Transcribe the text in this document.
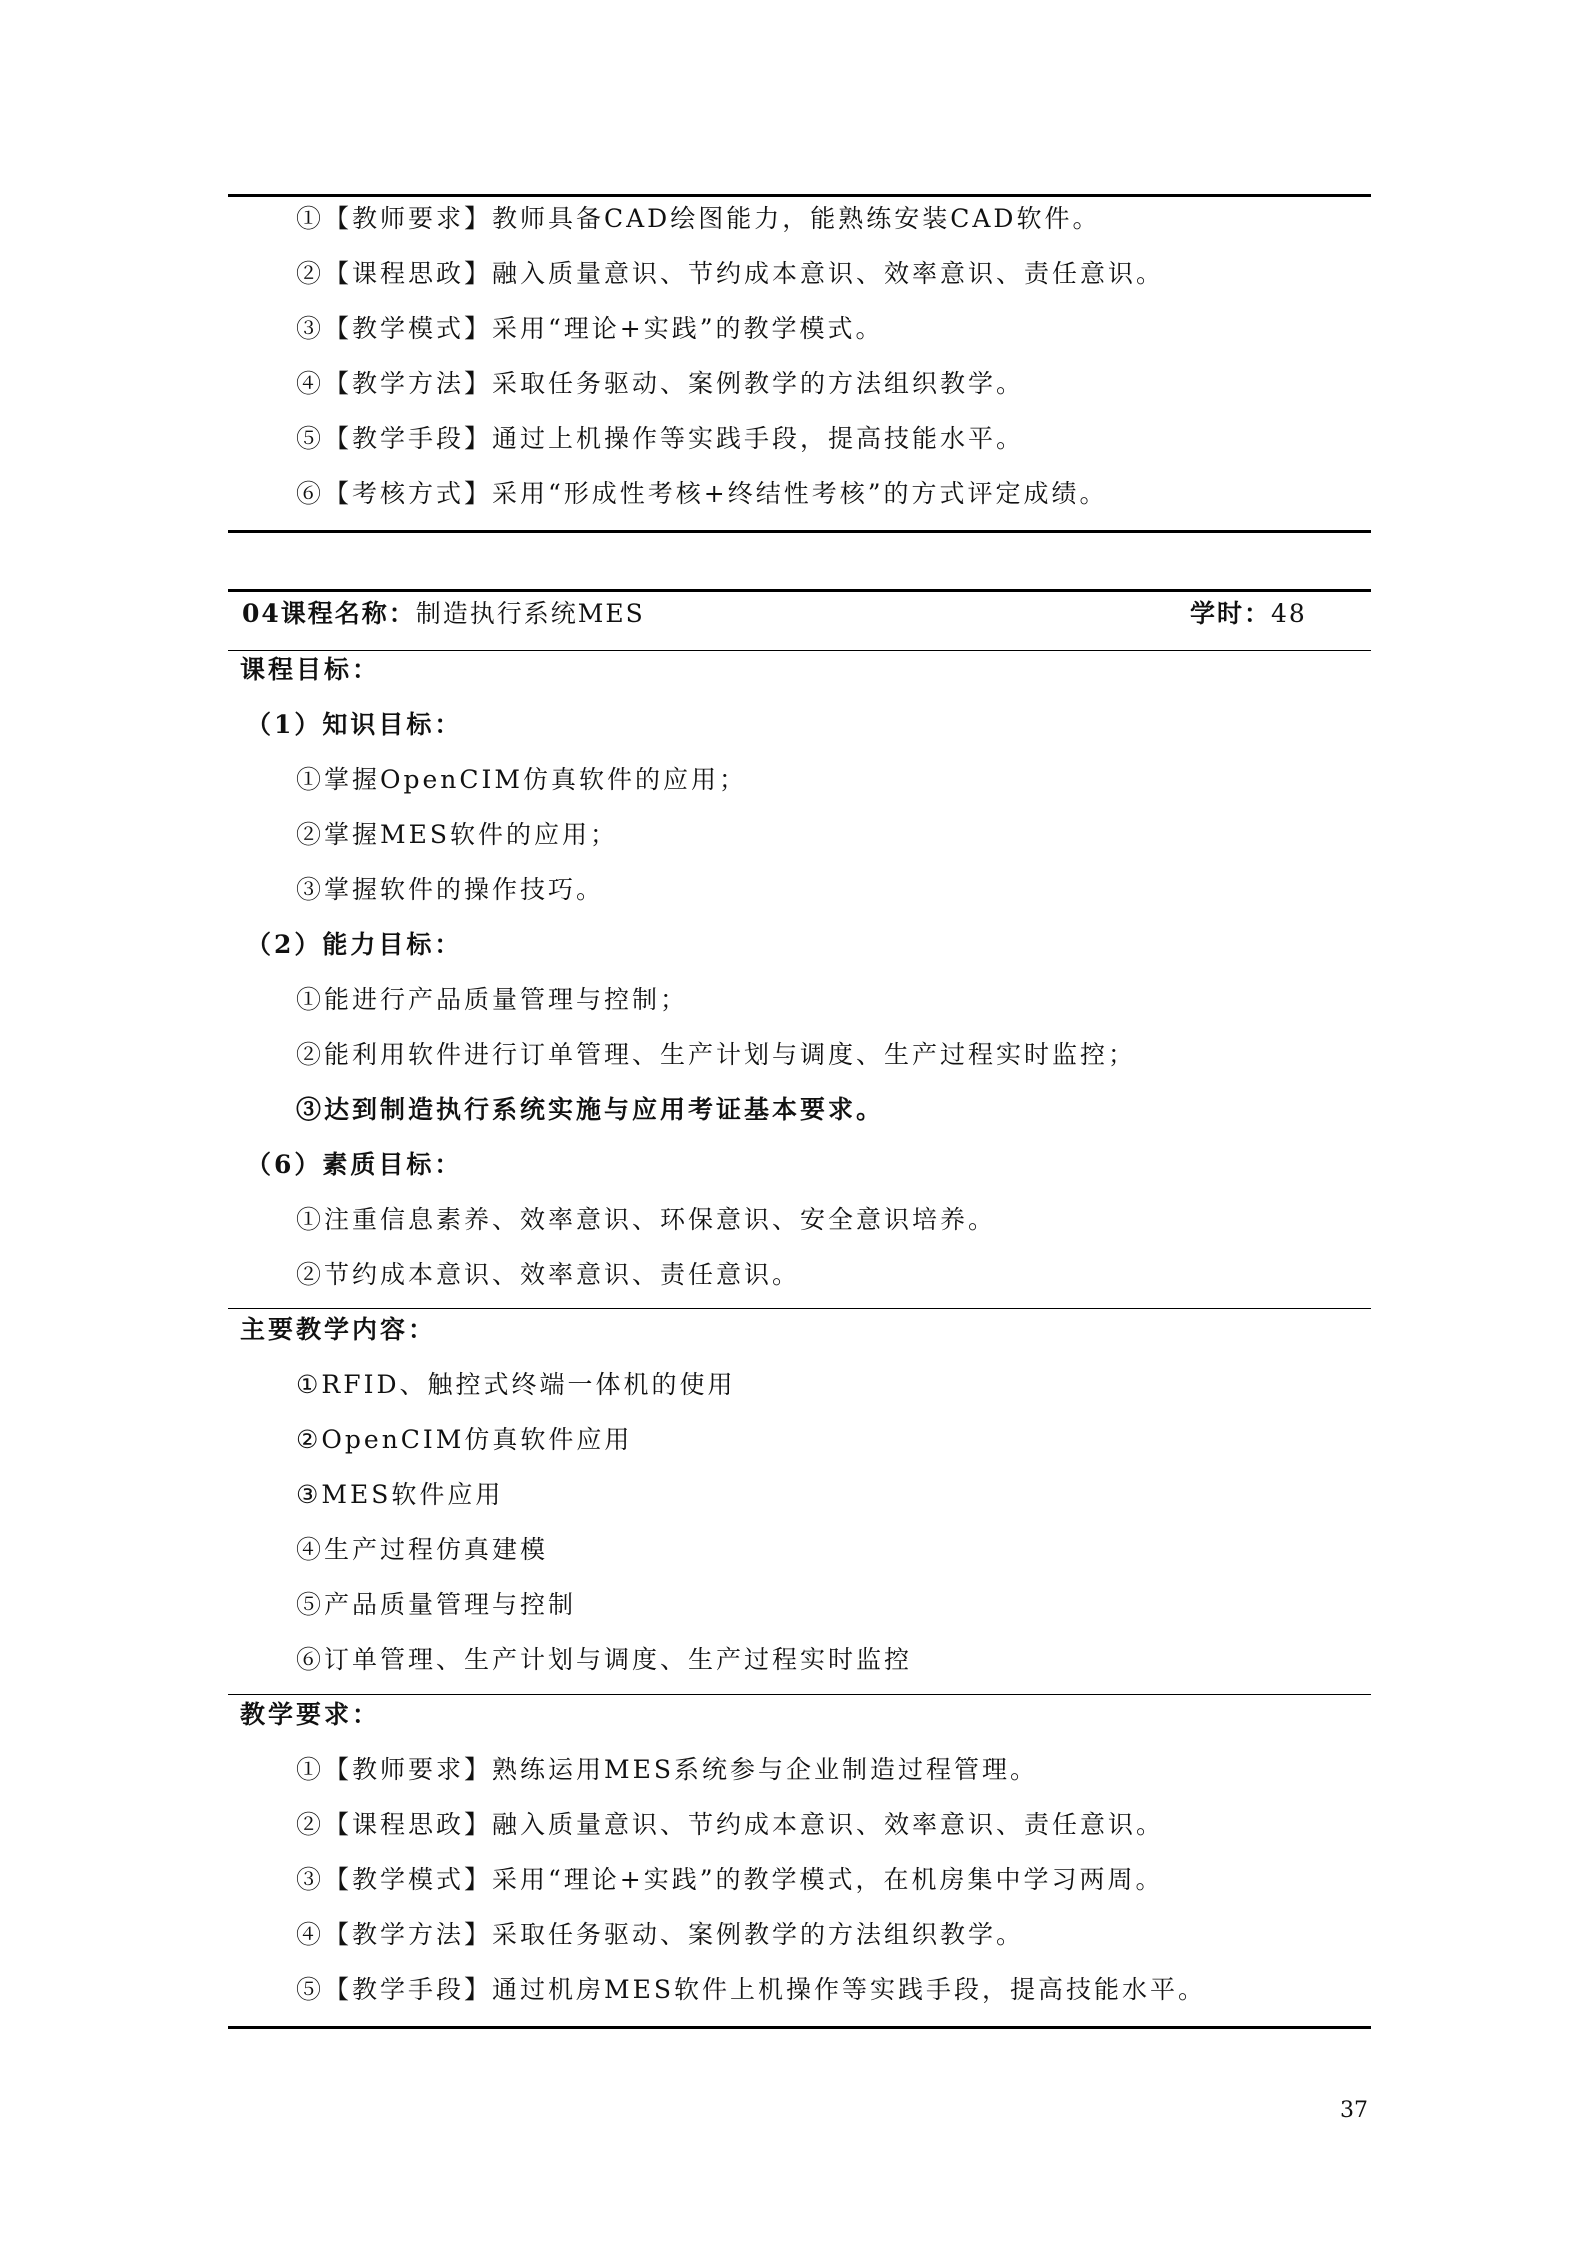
①【教师要求】教师具备CAD绘图能力，能熟练安装CAD软件。
②【课程思政】融入质量意识、节约成本意识、效率意识、责任意识。
③【教学模式】采用“理论+实践”的教学模式。
④【教学方法】采取任务驱动、案例教学的方法组织教学。
⑤【教学手段】通过上机操作等实践手段，提高技能水平。
⑥【考核方式】采用“形成性考核+终结性考核”的方式评定成绩。
04课程名称：制造执行系统MES	学时：48
课程目标：
（1）知识目标：
①掌握OpenCIM仿真软件的应用；
②掌握MES软件的应用；
③掌握软件的操作技巧。
（2）能力目标：
①能进行产品质量管理与控制；
②能利用软件进行订单管理、生产计划与调度、生产过程实时监控；
③达到制造执行系统实施与应用考证基本要求。
（6）素质目标：
①注重信息素养、效率意识、环保意识、安全意识培养。
②节约成本意识、效率意识、责任意识。
主要教学内容：
①RFID、触控式终端一体机的使用
②OpenCIM仿真软件应用
③MES软件应用
④生产过程仿真建模
⑤产品质量管理与控制
⑥订单管理、生产计划与调度、生产过程实时监控
教学要求：
①【教师要求】熟练运用MES系统参与企业制造过程管理。
②【课程思政】融入质量意识、节约成本意识、效率意识、责任意识。
③【教学模式】采用“理论+实践”的教学模式，在机房集中学习两周。
④【教学方法】采取任务驱动、案例教学的方法组织教学。
⑤【教学手段】通过机房MES软件上机操作等实践手段，提高技能水平。
37
